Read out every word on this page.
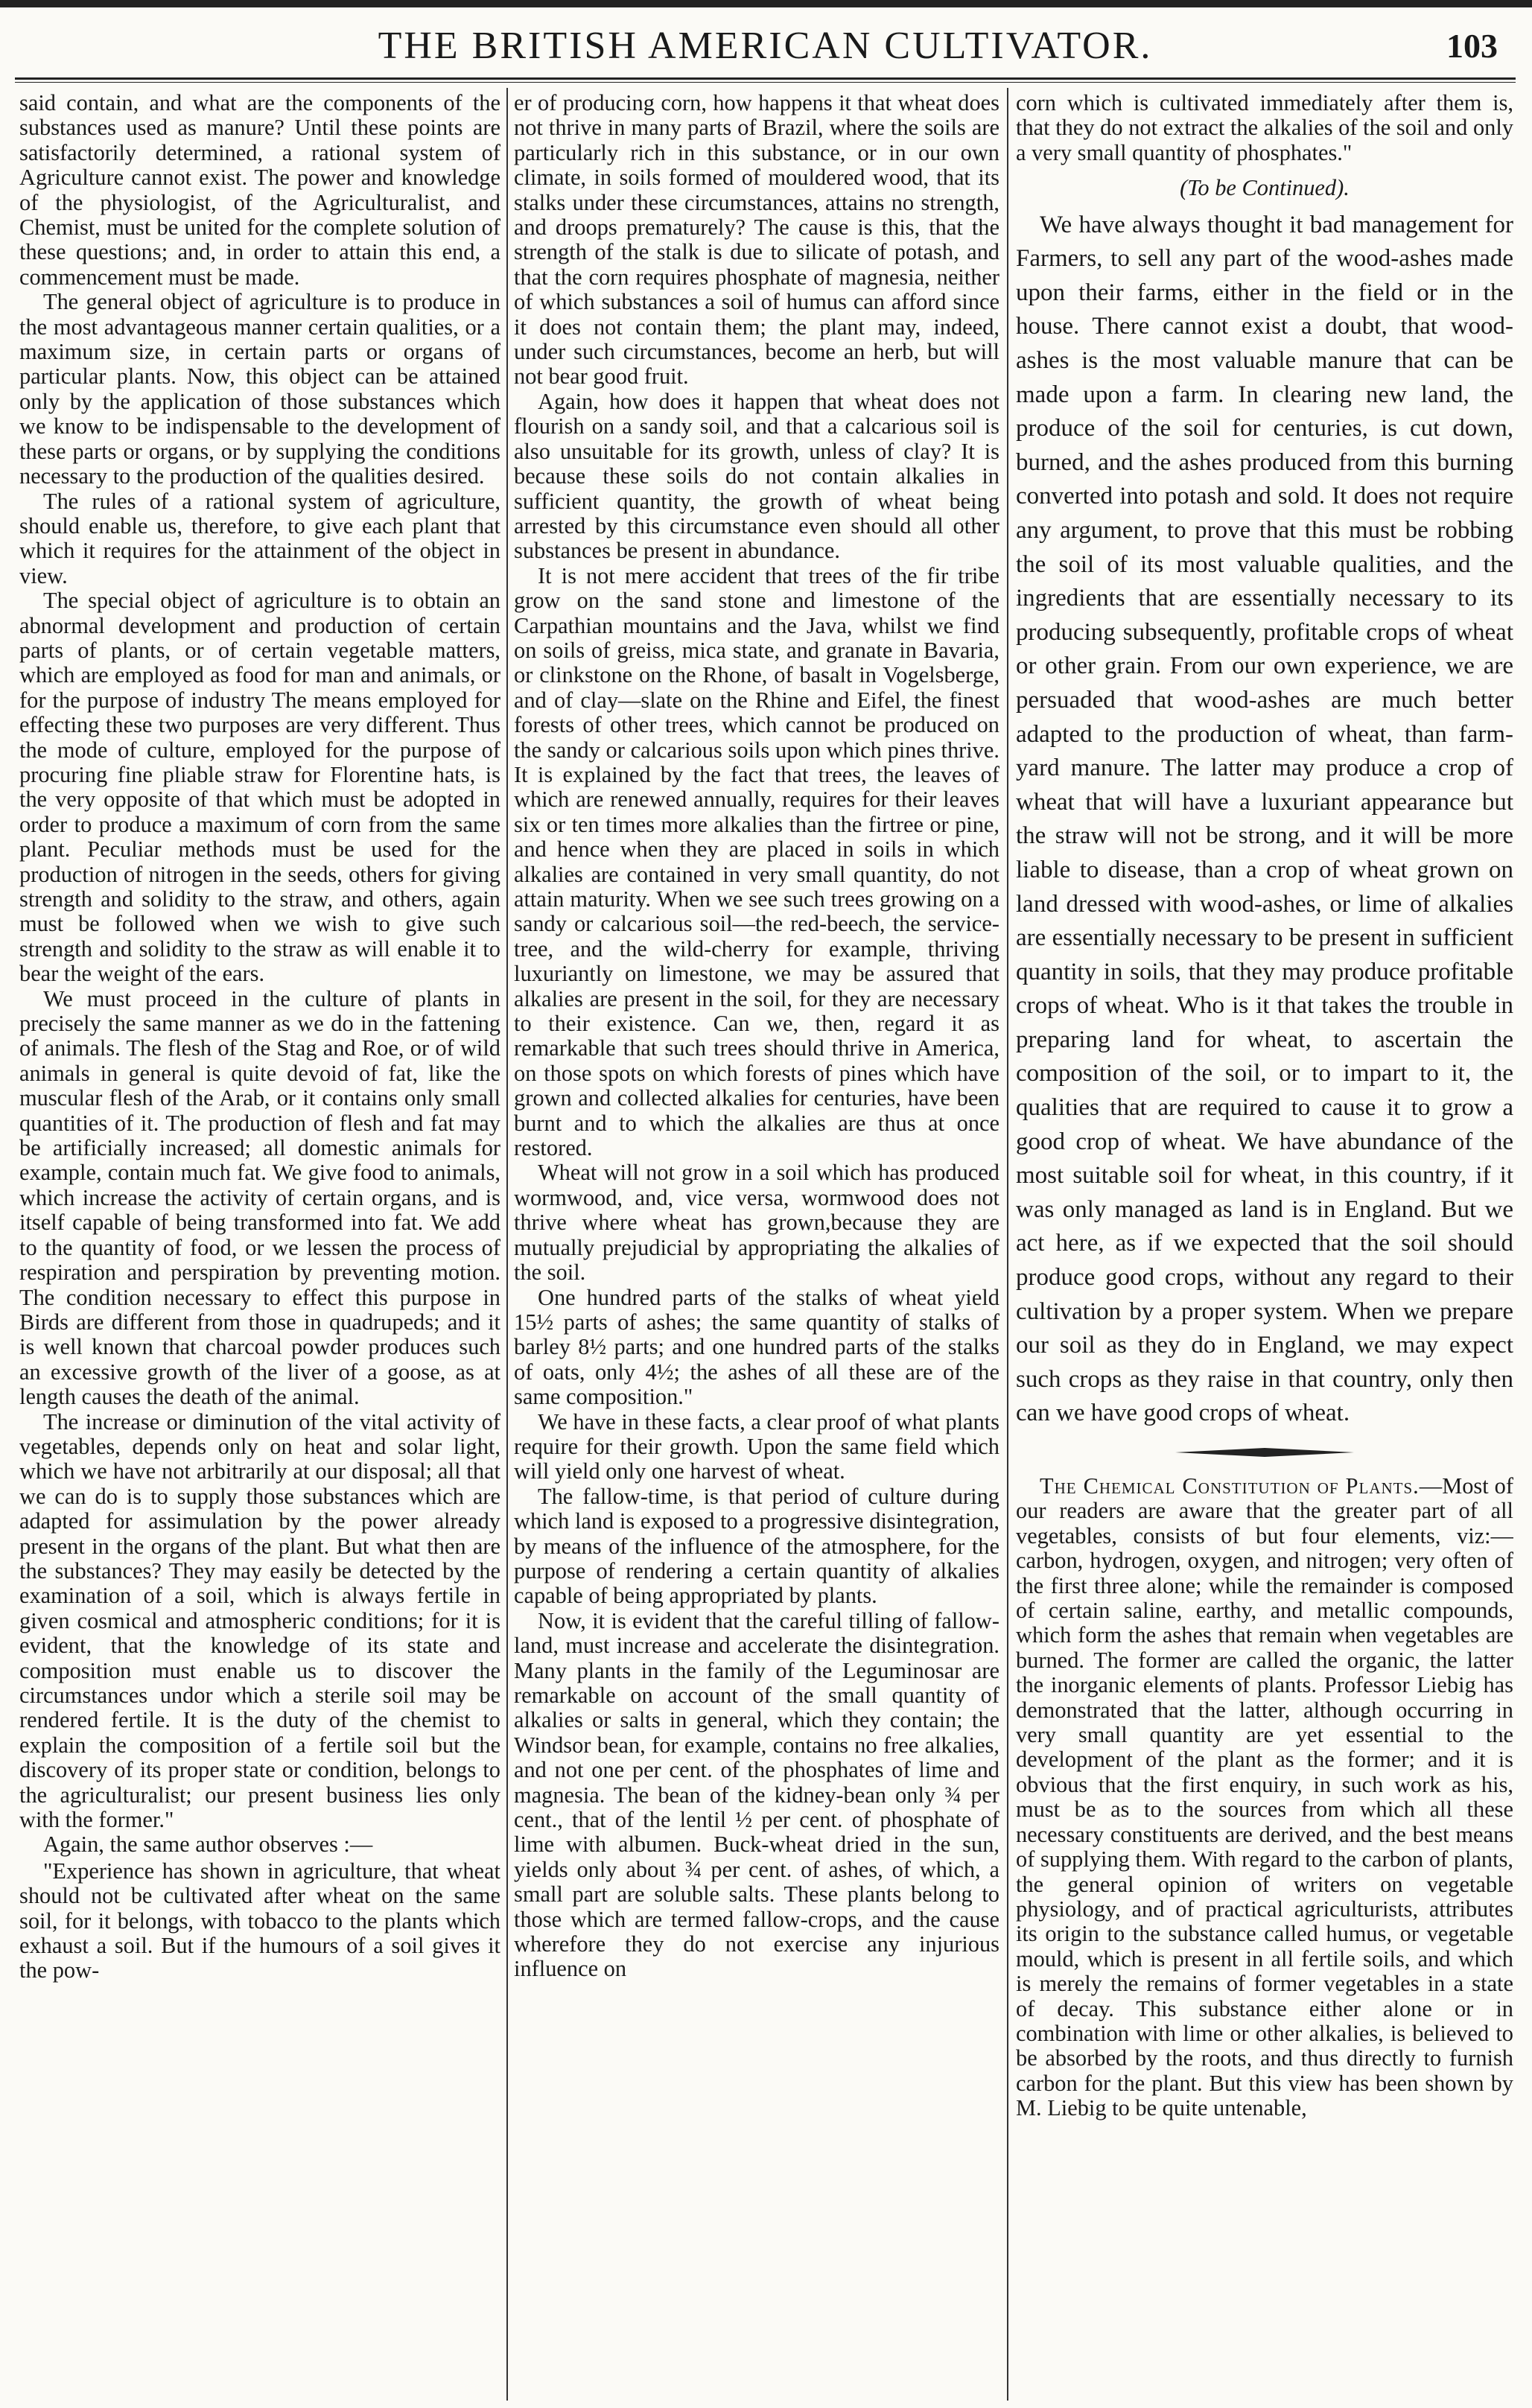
THE BRITISH AMERICAN CULTIVATOR.	103

said contain, and what are the components of the substances used as manure? Until these points are satisfactorily determined, a rational system of Agriculture cannot exist. The power and knowledge of the physiologist, of the Agriculturalist, and Chemist, must be united for the complete solution of these questions; and, in order to attain this end, a commencement must be made.

The general object of agriculture is to produce in the most advantageous manner certain qualities, or a maximum size, in certain parts or organs of particular plants. Now, this object can be attained only by the application of those substances which we know to be indispensable to the development of these parts or organs, or by supplying the conditions necessary to the production of the qualities desired.

The rules of a rational system of agriculture, should enable us, therefore, to give each plant that which it requires for the attainment of the object in view.

The special object of agriculture is to obtain an abnormal development and production of certain parts of plants, or of certain vegetable matters, which are employed as food for man and animals, or for the purpose of industry The means employed for effecting these two purposes are very different. Thus the mode of culture, employed for the purpose of procuring fine pliable straw for Florentine hats, is the very opposite of that which must be adopted in order to produce a maximum of corn from the same plant. Peculiar methods must be used for the production of nitrogen in the seeds, others for giving strength and solidity to the straw, and others, again must be followed when we wish to give such strength and solidity to the straw as will enable it to bear the weight of the ears.

We must proceed in the culture of plants in precisely the same manner as we do in the fattening of animals. The flesh of the Stag and Roe, or of wild animals in general is quite devoid of fat, like the muscular flesh of the Arab, or it contains only small quantities of it. The production of flesh and fat may be artificially increased; all domestic animals for example, contain much fat. We give food to animals, which increase the activity of certain organs, and is itself capable of being transformed into fat. We add to the quantity of food, or we lessen the process of respiration and perspiration by preventing motion. The condition necessary to effect this purpose in Birds are different from those in quadrupeds; and it is well known that charcoal powder produces such an excessive growth of the liver of a goose, as at length causes the death of the animal.

The increase or diminution of the vital activity of vegetables, depends only on heat and solar light, which we have not arbitrarily at our disposal; all that we can do is to supply those substances which are adapted for assimulation by the power already present in the organs of the plant. But what then are the substances? They may easily be detected by the examination of a soil, which is always fertile in given cosmical and atmospheric conditions; for it is evident, that the knowledge of its state and composition must enable us to discover the circumstances undor which a sterile soil may be rendered fertile. It is the duty of the chemist to explain the composition of a fertile soil but the discovery of its proper state or condition, belongs to the agriculturalist; our present business lies only with the former."

Again, the same author observes :—

"Experience has shown in agriculture, that wheat should not be cultivated after wheat on the same soil, for it belongs, with tobacco to the plants which exhaust a soil. But if the humours of a soil gives it the pow-

er of producing corn, how happens it that wheat does not thrive in many parts of Brazil, where the soils are particularly rich in this substance, or in our own climate, in soils formed of mouldered wood, that its stalks under these circumstances, attains no strength, and droops prematurely? The cause is this, that the strength of the stalk is due to silicate of potash, and that the corn requires phosphate of magnesia, neither of which substances a soil of humus can afford since it does not contain them; the plant may, indeed, under such circumstances, become an herb, but will not bear good fruit.

Again, how does it happen that wheat does not flourish on a sandy soil, and that a calcarious soil is also unsuitable for its growth, unless of clay? It is because these soils do not contain alkalies in sufficient quantity, the growth of wheat being arrested by this circumstance even should all other substances be present in abundance.

It is not mere accident that trees of the fir tribe grow on the sand stone and limestone of the Carpathian mountains and the Java, whilst we find on soils of greiss, mica state, and granate in Bavaria, or clinkstone on the Rhone, of basalt in Vogelsberge, and of clay—slate on the Rhine and Eifel, the finest forests of other trees, which cannot be produced on the sandy or calcarious soils upon which pines thrive. It is explained by the fact that trees, the leaves of which are renewed annually, requires for their leaves six or ten times more alkalies than the firtree or pine, and hence when they are placed in soils in which alkalies are contained in very small quantity, do not attain maturity. When we see such trees growing on a sandy or calcarious soil—the red-beech, the service-tree, and the wild-cherry for example, thriving luxuriantly on limestone, we may be assured that alkalies are present in the soil, for they are necessary to their existence. Can we, then, regard it as remarkable that such trees should thrive in America, on those spots on which forests of pines which have grown and collected alkalies for centuries, have been burnt and to which the alkalies are thus at once restored.

Wheat will not grow in a soil which has produced wormwood, and, vice versa, wormwood does not thrive where wheat has grown,because they are mutually prejudicial by appropriating the alkalies of the soil.

One hundred parts of the stalks of wheat yield 15½ parts of ashes; the same quantity of stalks of barley 8½ parts; and one hundred parts of the stalks of oats, only 4½; the ashes of all these are of the same composition."

We have in these facts, a clear proof of what plants require for their growth. Upon the same field which will yield only one harvest of wheat.

The fallow-time, is that period of culture during which land is exposed to a progressive disintegration, by means of the influence of the atmosphere, for the purpose of rendering a certain quantity of alkalies capable of being appropriated by plants.

Now, it is evident that the careful tilling of fallow-land, must increase and accelerate the disintegration. Many plants in the family of the Leguminosar are remarkable on account of the small quantity of alkalies or salts in general, which they contain; the Windsor bean, for example, contains no free alkalies, and not one per cent. of the phosphates of lime and magnesia. The bean of the kidney-bean only ¾ per cent., that of the lentil ½ per cent. of phosphate of lime with albumen. Buck-wheat dried in the sun, yields only about ¾ per cent. of ashes, of which, a small part are soluble salts. These plants belong to those which are termed fallow-crops, and the cause wherefore they do not exercise any injurious influence on

corn which is cultivated immediately after them is, that they do not extract the alkalies of the soil and only a very small quantity of phosphates."

(To be Continued).

We have always thought it bad management for Farmers, to sell any part of the wood-ashes made upon their farms, either in the field or in the house. There cannot exist a doubt, that wood-ashes is the most valuable manure that can be made upon a farm. In clearing new land, the produce of the soil for centuries, is cut down, burned, and the ashes produced from this burning converted into potash and sold. It does not require any argument, to prove that this must be robbing the soil of its most valuable qualities, and the ingredients that are essentially necessary to its producing subsequently, profitable crops of wheat or other grain. From our own experience, we are persuaded that wood-ashes are much better adapted to the production of wheat, than farm-yard manure. The latter may produce a crop of wheat that will have a luxuriant appearance but the straw will not be strong, and it will be more liable to disease, than a crop of wheat grown on land dressed with wood-ashes, or lime of alkalies are essentially necessary to be present in sufficient quantity in soils, that they may produce profitable crops of wheat. Who is it that takes the trouble in preparing land for wheat, to ascertain the composition of the soil, or to impart to it, the qualities that are required to cause it to grow a good crop of wheat. We have abundance of the most suitable soil for wheat, in this country, if it was only managed as land is in England. But we act here, as if we expected that the soil should produce good crops, without any regard to their cultivation by a proper system. When we prepare our soil as they do in England, we may expect such crops as they raise in that country, only then can we have good crops of wheat.

The Chemical Constitution of Plants.—Most of our readers are aware that the greater part of all vegetables, consists of but four elements, viz:—carbon, hydrogen, oxygen, and nitrogen; very often of the first three alone; while the remainder is composed of certain saline, earthy, and metallic compounds, which form the ashes that remain when vegetables are burned. The former are called the organic, the latter the inorganic elements of plants. Professor Liebig has demonstrated that the latter, although occurring in very small quantity are yet essential to the development of the plant as the former; and it is obvious that the first enquiry, in such work as his, must be as to the sources from which all these necessary constituents are derived, and the best means of supplying them. With regard to the carbon of plants, the general opinion of writers on vegetable physiology, and of practical agriculturists, attributes its origin to the substance called humus, or vegetable mould, which is present in all fertile soils, and which is merely the remains of former vegetables in a state of decay. This substance either alone or in combination with lime or other alkalies, is believed to be absorbed by the roots, and thus directly to furnish carbon for the plant. But this view has been shown by M. Liebig to be quite untenable,
